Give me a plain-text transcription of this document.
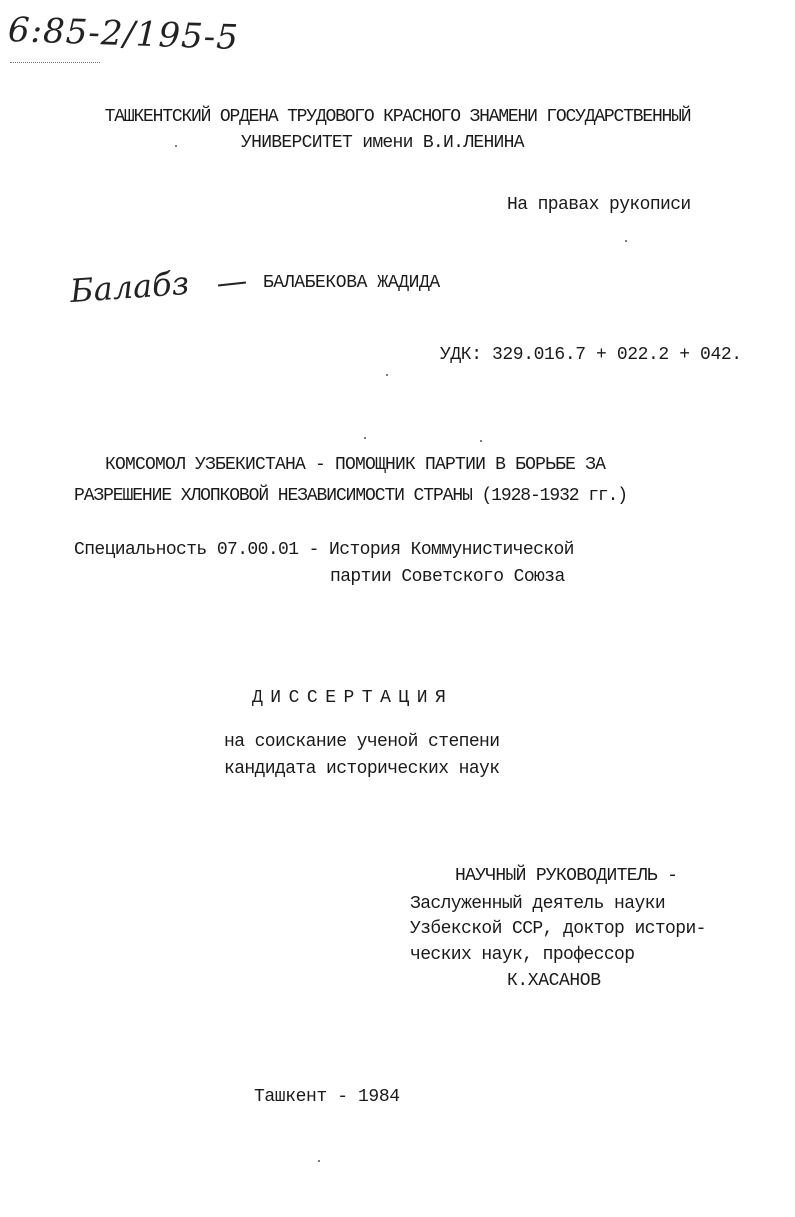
6:85-2/195-5
ТАШКЕНТСКИЙ ОРДЕНА ТРУДОВОГО КРАСНОГО ЗНАМЕНИ ГОСУДАРСТВЕННЫЙ
УНИВЕРСИТЕТ имени В.И.ЛЕНИНА
На правах рукописи
Балабз	БАЛАБЕКОВА ЖАДИДА
УДК: 329.016.7 + 022.2 + 042.
КОМСОМОЛ УЗБЕКИСТАНА - ПОМОЩНИК ПАРТИИ В БОРЬБЕ ЗА
РАЗРЕШЕНИЕ ХЛОПКОВОЙ НЕЗАВИСИМОСТИ СТРАНЫ (1928-1932 гг.)
Специальность 07.00.01 - История Коммунистической
партии Советского Союза
ДИССЕРТАЦИЯ
на соискание ученой степени
кандидата исторических наук
НАУЧНЫЙ РУКОВОДИТЕЛЬ -
Заслуженный деятель науки
Узбекской ССР, доктор истори-
ческих наук, профессор
К.ХАСАНОВ
Ташкент - 1984
